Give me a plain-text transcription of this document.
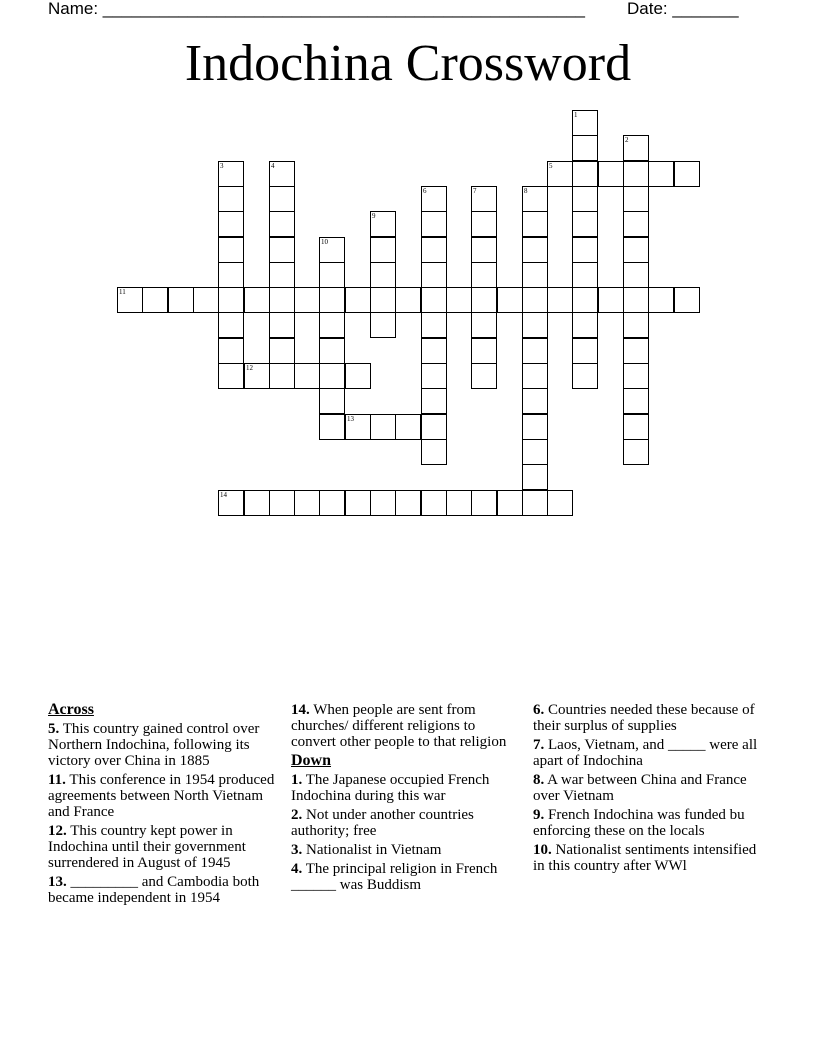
Name: ___________________________________________________ Date: _______
Indochina Crossword
1
2
3	4	5
6	7	8
9
10
11
12
13
14
Across
5. This country gained control over Northern Indochina, following its victory over China in 1885
11. This conference in 1954 produced agreements between North Vietnam and France
12. This country kept power in Indochina until their government surrendered in August of 1945
13. _________ and Cambodia both became independent in 1954
14. When people are sent from churches/ different religions to convert other people to that religion
Down
1. The Japanese occupied French Indochina during this war
2. Not under another countries authority; free
3. Nationalist in Vietnam
4. The principal religion in French ______ was Buddism
6. Countries needed these because of their surplus of supplies
7. Laos, Vietnam, and _____ were all apart of Indochina
8. A war between China and France over Vietnam
9. French Indochina was funded bu enforcing these on the locals
10. Nationalist sentiments intensified in this country after WWl
